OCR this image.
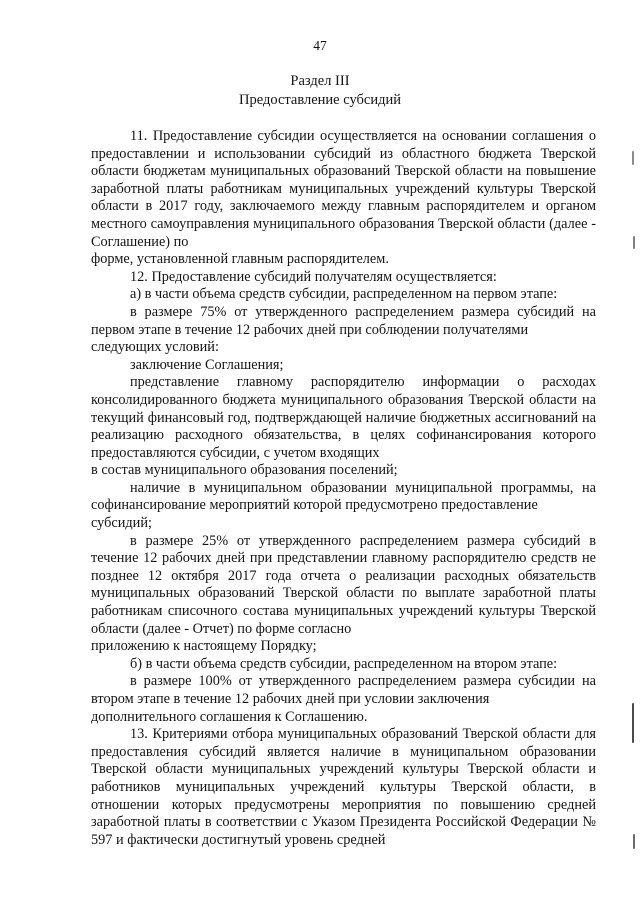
47
Раздел III
Предоставление субсидий

11. Предоставление субсидии осуществляется на основании соглашения о предоставлении и использовании субсидий из областного бюджета Тверской области бюджетам муниципальных образований Тверской области на повышение заработной платы работникам муниципальных учреждений культуры Тверской области в 2017 году, заключаемого между главным распорядителем и органом местного самоуправления муниципального образования Тверской области (далее - Соглашение) по
форме, установленной главным распорядителем.

12. Предоставление субсидий получателям осуществляется:

а) в части объема средств субсидии, распределенном на первом этапе:

в размере 75% от утвержденного распределением размера субсидий на первом этапе в течение 12 рабочих дней при соблюдении получателями
следующих условий:

заключение Соглашения;

представление главному распорядителю информации о расходах консолидированного бюджета муниципального образования Тверской области на текущий финансовый год, подтверждающей наличие бюджетных ассигнований на реализацию расходного обязательства, в целях софинансирования которого предоставляются субсидии, с учетом входящих
в состав муниципального образования поселений;

наличие в муниципальном образовании муниципальной программы, на софинансирование мероприятий которой предусмотрено предоставление
субсидий;

в размере 25% от утвержденного распределением размера субсидий в течение 12 рабочих дней при представлении главному распорядителю средств не позднее 12 октября 2017 года отчета о реализации расходных обязательств муниципальных образований Тверской области по выплате заработной платы работникам списочного состава муниципальных учреждений культуры Тверской области (далее - Отчет) по форме согласно
приложению к настоящему Порядку;

б) в части объема средств субсидии, распределенном на втором этапе:

в размере 100% от утвержденного распределением размера субсидии на втором этапе в течение 12 рабочих дней при условии заключения
дополнительного соглашения к Соглашению.

13. Критериями отбора муниципальных образований Тверской области для предоставления субсидий является наличие в муниципальном образовании Тверской области муниципальных учреждений культуры Тверской области и работников муниципальных учреждений культуры Тверской области, в отношении которых предусмотрены мероприятия по повышению средней заработной платы в соответствии с Указом Президента Российской Федерации № 597 и фактически достигнутый уровень средней
